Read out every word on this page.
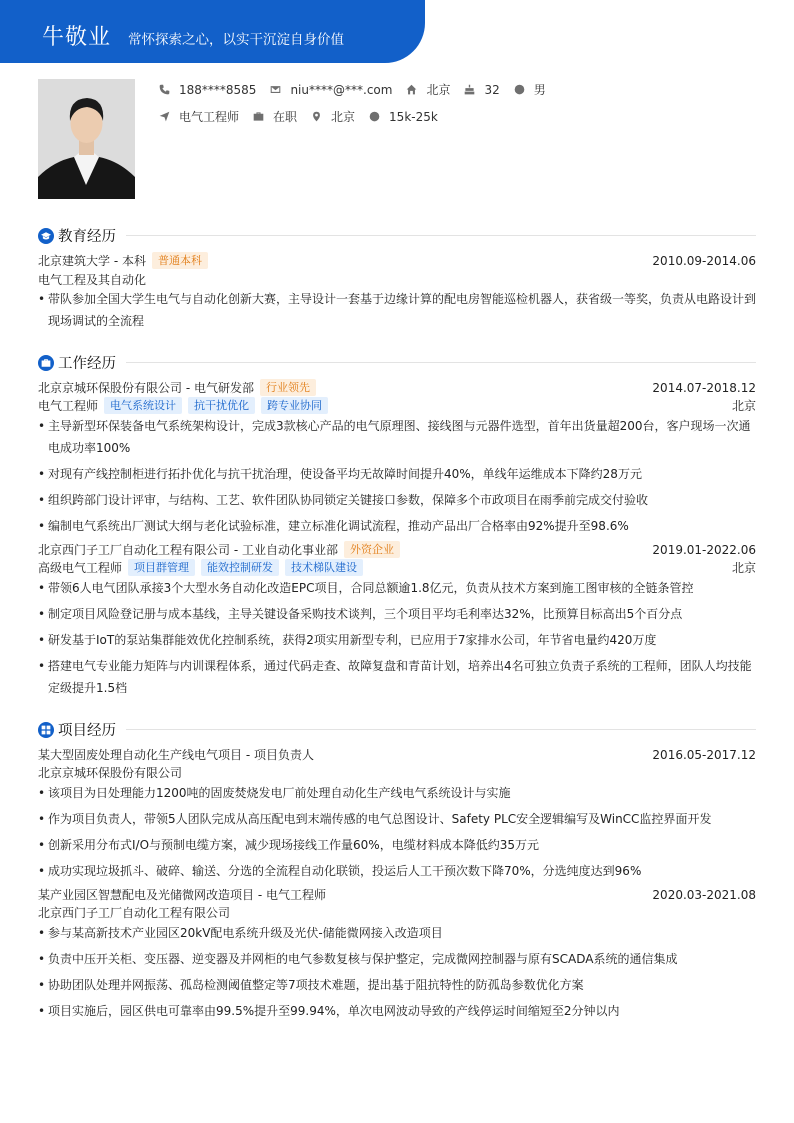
牛敬业 常怀探索之心，以实干沉淀自身价值
188****8585	niu****@***.com	北京	32	男
电气工程师	在职	北京	15k-25k
教育经历
北京建筑大学 - 本科	普通本科	2010.09-2014.06
电气工程及其自动化
• 带队参加全国大学生电气与自动化创新大赛，主导设计一套基于边缘计算的配电房智能巡检机器人，获省级一等奖，负责从电路设计到现场调试的全流程
工作经历
北京京城环保股份有限公司 - 电气研发部	行业领先	2014.07-2018.12
电气工程师	电气系统设计	抗干扰优化	跨专业协同	北京
• 主导新型环保装备电气系统架构设计，完成3款核心产品的电气原理图、接线图与元器件选型，首年出货量超200台，客户现场一次通电成功率100%
• 对现有产线控制柜进行拓扑优化与抗干扰治理，使设备平均无故障时间提升40%，单线年运维成本下降约28万元
• 组织跨部门设计评审，与结构、工艺、软件团队协同锁定关键接口参数，保障多个市政项目在雨季前完成交付验收
• 编制电气系统出厂测试大纲与老化试验标准，建立标准化调试流程，推动产品出厂合格率由92%提升至98.6%
北京西门子工厂自动化工程有限公司 - 工业自动化事业部	外资企业	2019.01-2022.06
高级电气工程师	项目群管理	能效控制研发	技术梯队建设	北京
• 带领6人电气团队承接3个大型水务自动化改造EPC项目，合同总额逾1.8亿元，负责从技术方案到施工图审核的全链条管控
• 制定项目风险登记册与成本基线，主导关键设备采购技术谈判，三个项目平均毛利率达32%，比预算目标高出5个百分点
• 研发基于IoT的泵站集群能效优化控制系统，获得2项实用新型专利，已应用于7家排水公司，年节省电量约420万度
• 搭建电气专业能力矩阵与内训课程体系，通过代码走查、故障复盘和青苗计划，培养出4名可独立负责子系统的工程师，团队人均技能定级提升1.5档
项目经历
某大型固废处理自动化生产线电气项目 - 项目负责人	2016.05-2017.12
北京京城环保股份有限公司
• 该项目为日处理能力1200吨的固废焚烧发电厂前处理自动化生产线电气系统设计与实施
• 作为项目负责人，带领5人团队完成从高压配电到末端传感的电气总图设计、Safety PLC安全逻辑编写及WinCC监控界面开发
• 创新采用分布式I/O与预制电缆方案，减少现场接线工作量60%，电缆材料成本降低约35万元
• 成功实现垃圾抓斗、破碎、输送、分选的全流程自动化联锁，投运后人工干预次数下降70%，分选纯度达到96%
某产业园区智慧配电及光储微网改造项目 - 电气工程师	2020.03-2021.08
北京西门子工厂自动化工程有限公司
• 参与某高新技术产业园区20kV配电系统升级及光伏-储能微网接入改造项目
• 负责中压开关柜、变压器、逆变器及并网柜的电气参数复核与保护整定，完成微网控制器与原有SCADA系统的通信集成
• 协助团队处理并网振荡、孤岛检测阈值整定等7项技术难题，提出基于阻抗特性的防孤岛参数优化方案
• 项目实施后，园区供电可靠率由99.5%提升至99.94%，单次电网波动导致的产线停运时间缩短至2分钟以内
